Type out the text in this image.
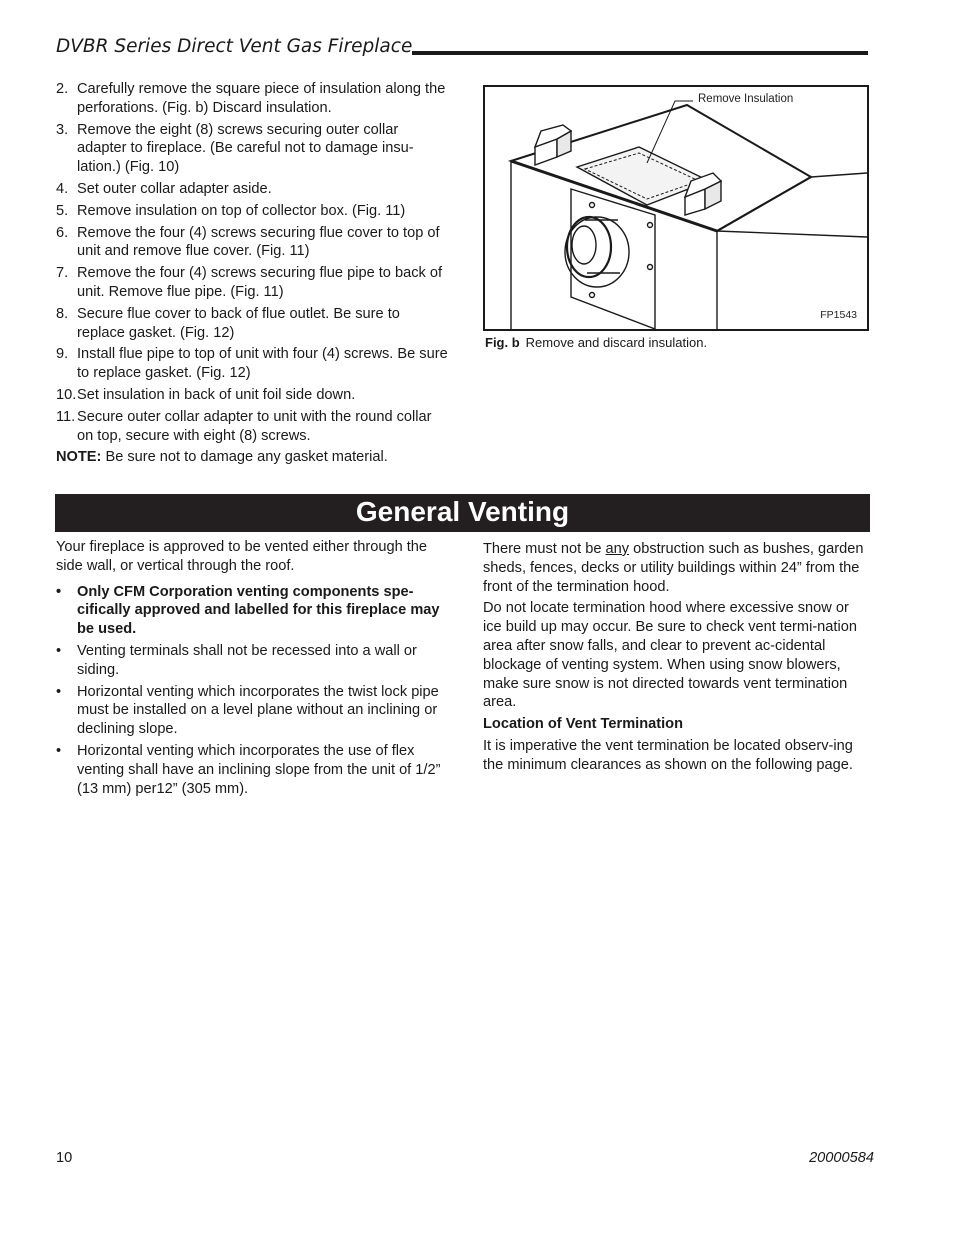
DVBR Series Direct Vent Gas Fireplace
2. Carefully remove the square piece of insulation along the perforations. (Fig. b) Discard insulation.
3. Remove the eight (8) screws securing outer collar adapter to fireplace. (Be careful not to damage insu-lation.) (Fig. 10)
4. Set outer collar adapter aside.
5. Remove insulation on top of collector box. (Fig. 11)
6. Remove the four (4) screws securing flue cover to top of unit and remove flue cover. (Fig. 11)
7. Remove the four (4) screws securing flue pipe to back of unit. Remove flue pipe. (Fig. 11)
8. Secure flue cover to back of flue outlet. Be sure to replace gasket. (Fig. 12)
9. Install flue pipe to top of unit with four (4) screws. Be sure to replace gasket. (Fig. 12)
10. Set insulation in back of unit foil side down.
11. Secure outer collar adapter to unit with the round collar on top, secure with eight (8) screws.
NOTE: Be sure not to damage any gasket material.
Remove Insulation
FP1543
Fig. b Remove and discard insulation.
General Venting

Your fireplace is approved to be vented either through the side wall, or vertical through the roof.

• Only CFM Corporation venting components spe-cifically approved and labelled for this fireplace may be used.
• Venting terminals shall not be recessed into a wall or siding.
• Horizontal venting which incorporates the twist lock pipe must be installed on a level plane without an inclining or declining slope.
• Horizontal venting which incorporates the use of flex venting shall have an inclining slope from the unit of 1/2” (13 mm) per12” (305 mm).

There must not be any obstruction such as bushes, garden sheds, fences, decks or utility buildings within 24” from the front of the termination hood.

Do not locate termination hood where excessive snow or ice build up may occur. Be sure to check vent termi-nation area after snow falls, and clear to prevent ac-cidental blockage of venting system. When using snow blowers, make sure snow is not directed towards vent termination area.

Location of Vent Termination

It is imperative the vent termination be located observ-ing the minimum clearances as shown on the following page.

10	20000584
